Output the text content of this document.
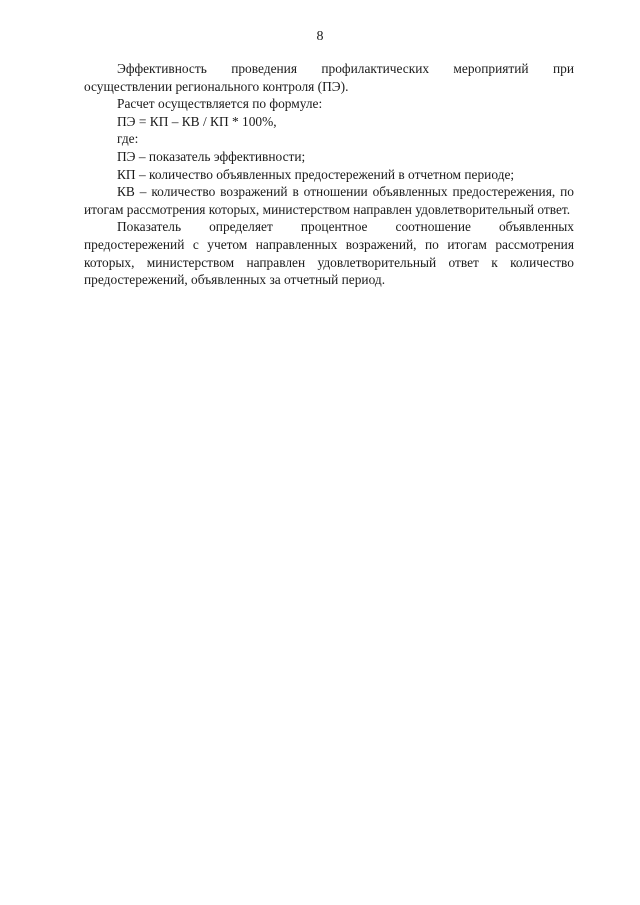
8

Эффективность проведения профилактических мероприятий при осуществлении регионального контроля (ПЭ).

Расчет осуществляется по формуле:

ПЭ = КП – КВ / КП * 100%,

где:

ПЭ – показатель эффективности;

КП – количество объявленных предостережений в отчетном периоде;

КВ – количество возражений в отношении объявленных предостережения, по итогам рассмотрения которых, министерством направлен удовлетворительный ответ.

Показатель определяет процентное соотношение объявленных предостережений с учетом направленных возражений, по итогам рассмотрения которых, министерством направлен удовлетворительный ответ к количество предостережений, объявленных за отчетный период.
